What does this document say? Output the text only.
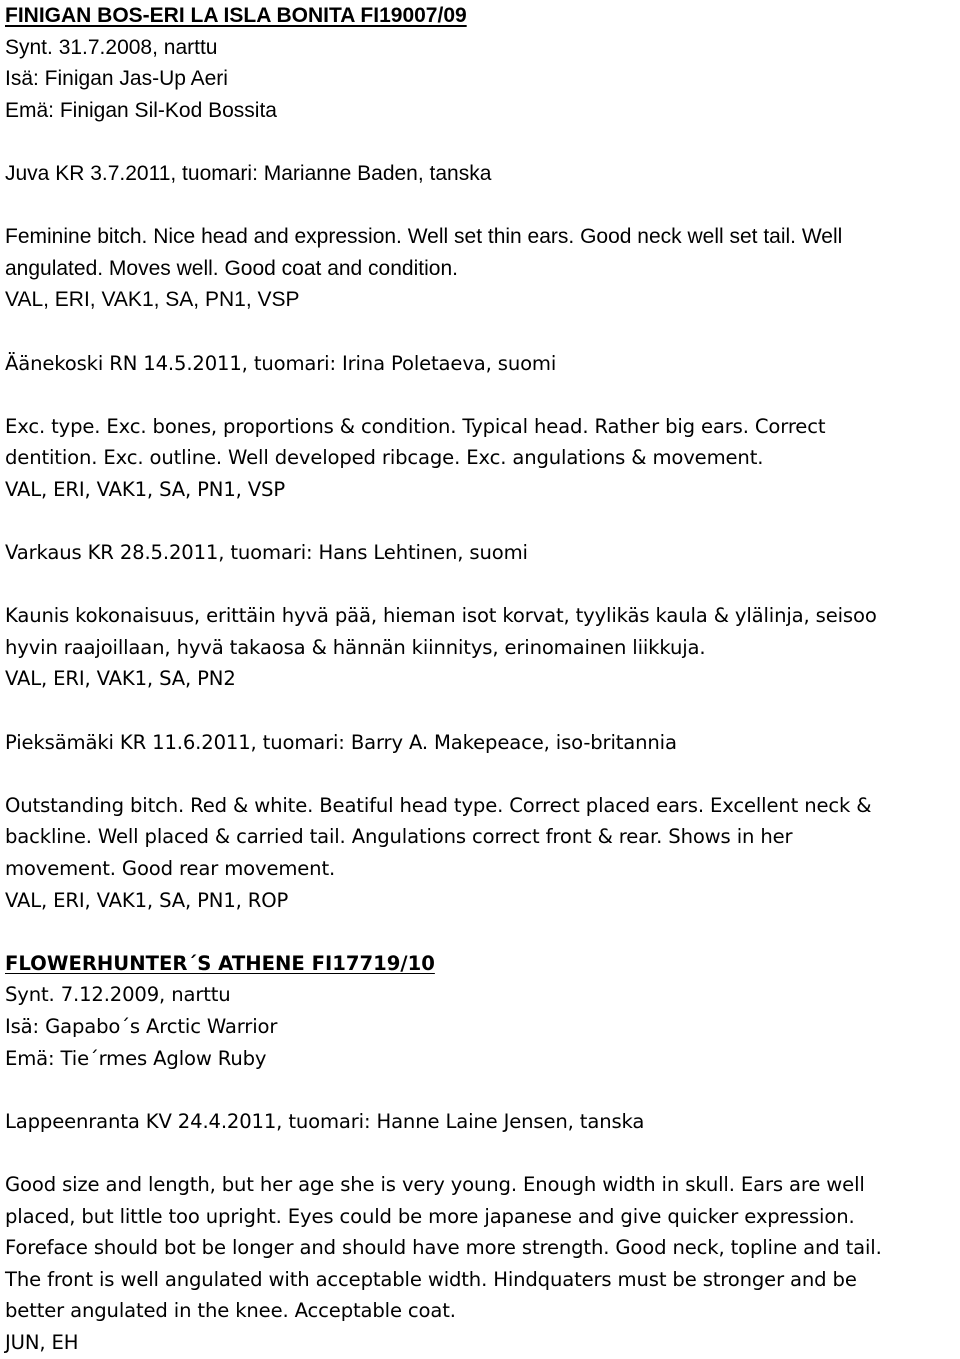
FINIGAN BOS-ERI LA ISLA BONITA FI19007/09
Synt. 31.7.2008, narttu
Isä: Finigan Jas-Up Aeri
Emä: Finigan Sil-Kod Bossita
Juva KR 3.7.2011, tuomari: Marianne Baden, tanska
Feminine bitch. Nice head and expression. Well set thin ears. Good neck well set tail. Well
angulated. Moves well. Good coat and condition.
VAL, ERI, VAK1, SA, PN1, VSP
Äänekoski RN 14.5.2011, tuomari: Irina Poletaeva, suomi
Exc. type. Exc. bones, proportions & condition. Typical head. Rather big ears. Correct
dentition. Exc. outline. Well developed ribcage. Exc. angulations & movement.
VAL, ERI, VAK1, SA, PN1, VSP
Varkaus KR 28.5.2011, tuomari: Hans Lehtinen, suomi
Kaunis kokonaisuus, erittäin hyvä pää, hieman isot korvat, tyylikäs kaula & ylälinja, seisoo
hyvin raajoillaan, hyvä takaosa & hännän kiinnitys, erinomainen liikkuja.
VAL, ERI, VAK1, SA, PN2
Pieksämäki KR 11.6.2011, tuomari: Barry A. Makepeace, iso-britannia
Outstanding bitch. Red & white. Beatiful head type. Correct placed ears. Excellent neck &
backline. Well placed & carried tail. Angulations correct front & rear. Shows in her
movement. Good rear movement.
VAL, ERI, VAK1, SA, PN1, ROP
FLOWERHUNTER´S ATHENE FI17719/10
Synt. 7.12.2009, narttu
Isä: Gapabo´s Arctic Warrior
Emä: Tie´rmes Aglow Ruby
Lappeenranta KV 24.4.2011, tuomari: Hanne Laine Jensen, tanska
Good size and length, but her age she is very young. Enough width in skull. Ears are well
placed, but little too upright. Eyes could be more japanese and give quicker expression.
Foreface should bot be longer and should have more strength. Good neck, topline and tail.
The front is well angulated with acceptable width. Hindquaters must be stronger and be
better angulated in the knee. Acceptable coat.
JUN, EH
